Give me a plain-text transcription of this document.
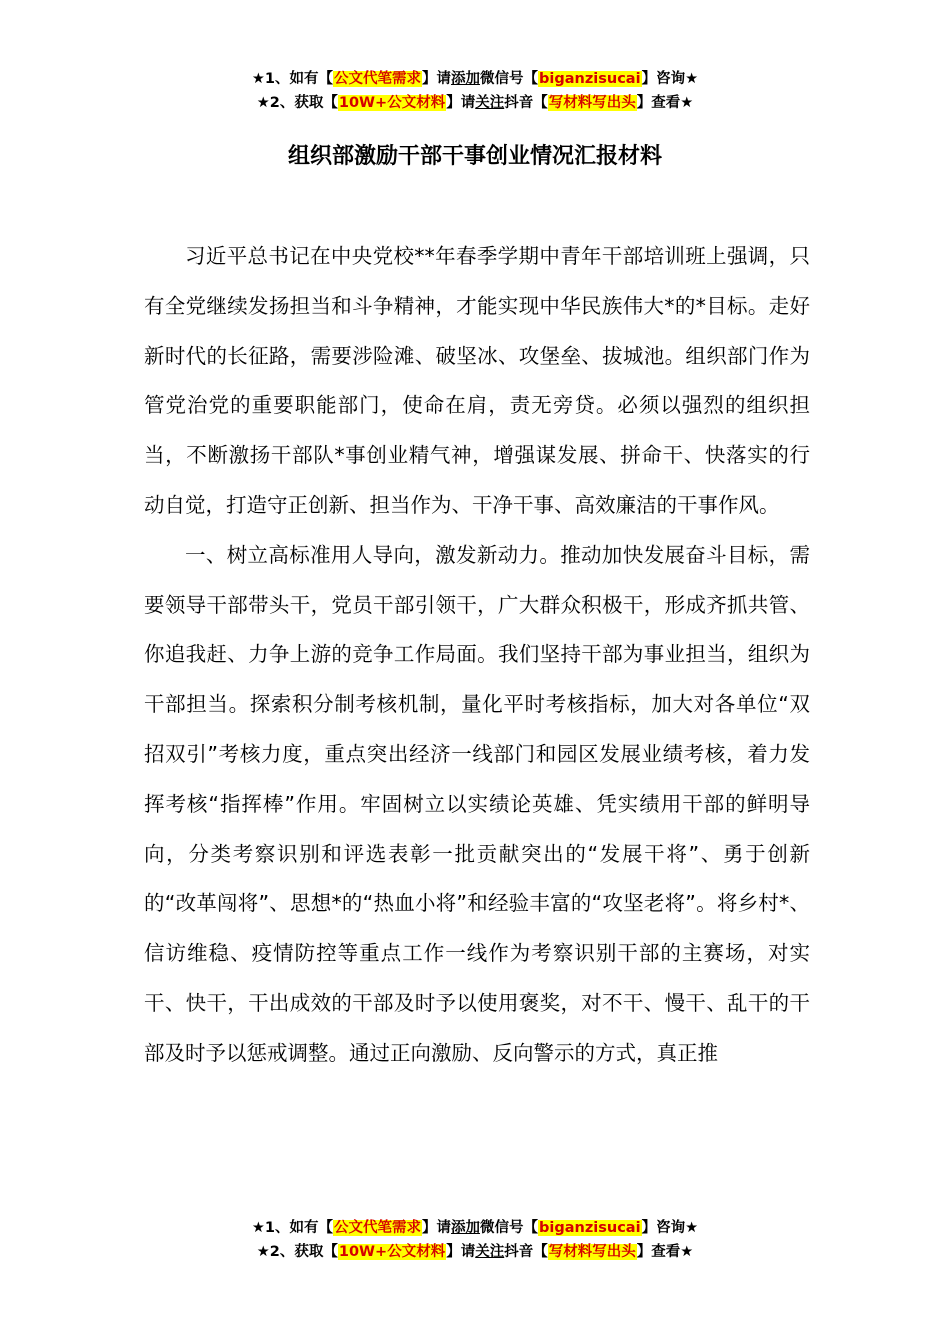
★1、如有【公文代笔需求】请添加微信号【biganzisucai】咨询★
★2、获取【10W+公文材料】请关注抖音【写材料写出头】查看★
组织部激励干部干事创业情况汇报材料

习近平总书记在中央党校**年春季学期中青年干部培训班上强调，只有全党继续发扬担当和斗争精神，才能实现中华民族伟大*的*目标。走好新时代的长征路，需要涉险滩、破坚冰、攻堡垒、拔城池。组织部门作为管党治党的重要职能部门，使命在肩，责无旁贷。必须以强烈的组织担当，不断激扬干部队*事创业精气神，增强谋发展、拼命干、快落实的行动自觉，打造守正创新、担当作为、干净干事、高效廉洁的干事作风。

一、树立高标准用人导向，激发新动力。推动加快发展奋斗目标，需要领导干部带头干，党员干部引领干，广大群众积极干，形成齐抓共管、你追我赶、力争上游的竞争工作局面。我们坚持干部为事业担当，组织为干部担当。探索积分制考核机制，量化平时考核指标，加大对各单位“双招双引”考核力度，重点突出经济一线部门和园区发展业绩考核，着力发挥考核“指挥棒”作用。牢固树立以实绩论英雄、凭实绩用干部的鲜明导向，分类考察识别和评选表彰一批贡献突出的“发展干将”、勇于创新的“改革闯将”、思想*的“热血小将”和经验丰富的“攻坚老将”。将乡村*、信访维稳、疫情防控等重点工作一线作为考察识别干部的主赛场，对实干、快干，干出成效的干部及时予以使用褒奖，对不干、慢干、乱干的干部及时予以惩戒调整。通过正向激励、反向警示的方式，真正推

★1、如有【公文代笔需求】请添加微信号【biganzisucai】咨询★
★2、获取【10W+公文材料】请关注抖音【写材料写出头】查看★
